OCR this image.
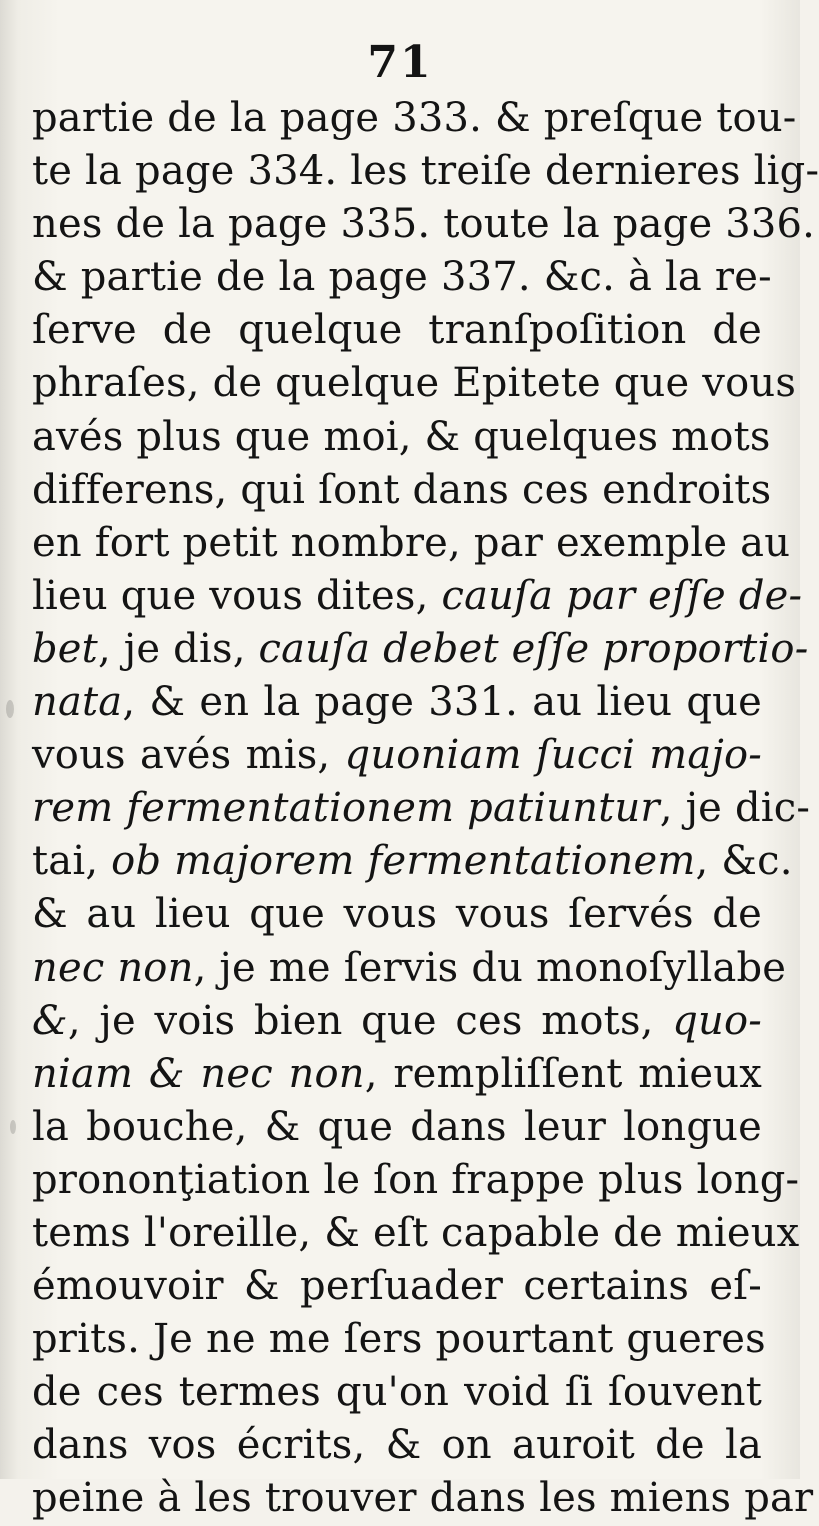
71
partie de la page 333. & preſque tou-
te la page 334. les treiſe dernieres lig-
nes de la page 335. toute la page 336.
& partie de la page 337. &c. à la re-
ſerve de quelque tranſpoſition de
phraſes, de quelque Epitete que vous
avés plus que moi, & quelques mots
differens, qui ſont dans ces endroits
en fort petit nombre, par exemple au
lieu que vous dites, cauſa par eſſe de-
bet, je dis, cauſa debet eſſe proportio-
nata, & en la page 331. au lieu que
vous avés mis, quoniam ſucci majo-
rem fermentationem patiuntur, je dic-
tai, ob majorem fermentationem, &c.
& au lieu que vous vous ſervés de
nec non, je me ſervis du monoſyllabe
&, je vois bien que ces mots, quo-
niam & nec non, rempliſſent mieux
la bouche, & que dans leur longue
prononţiation le ſon frappe plus long-
tems l'oreille, & eſt capable de mieux
émouvoir & perſuader certains eſ-
prits. Je ne me ſers pourtant gueres
de ces termes qu'on void ſi ſouvent
dans vos écrits, & on auroit de la
peine à les trouver dans les miens par
